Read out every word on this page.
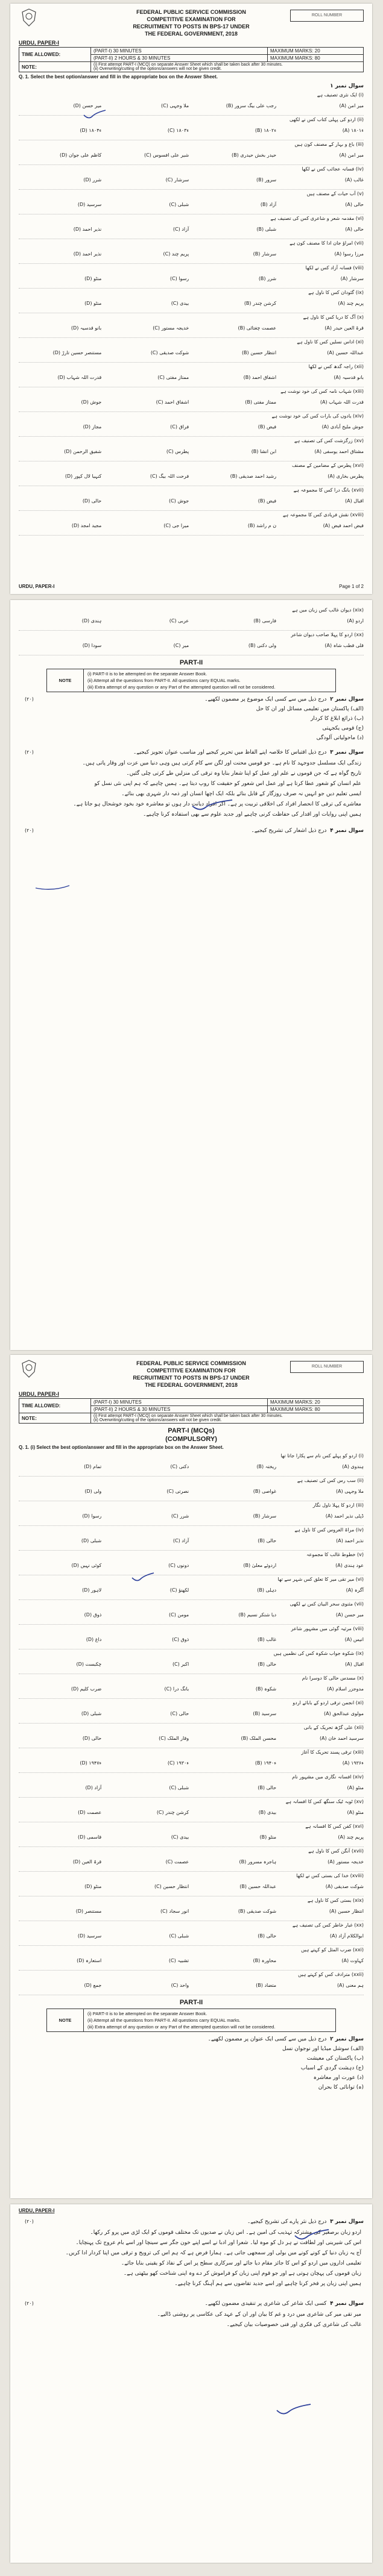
ROLL NUMBER
FEDERAL PUBLIC SERVICE COMMISSION
COMPETITIVE EXAMINATION FOR
RECRUITMENT TO POSTS IN BPS-17 UNDER
THE FEDERAL GOVERNMENT, 2018
URDU, PAPER-I
TIME ALLOWED:	(PART-I) 30 MINUTES	MAXIMUM MARKS: 20
	(PART-II) 2 HOURS & 30 MINUTES	MAXIMUM MARKS: 80
NOTE:	(i) First attempt PART-I (MCQ) on separate Answer Sheet which shall be taken back after 30 minutes.
(ii) Overwriting/cutting of the options/answers will not be given credit.	
Q. 1. Select the best option/answer and fill in the appropriate box on the Answer Sheet.
سوال نمبر ۱
(i) ایک نثری تصنیف ہے
(A) میر امن
(B) رجب علی بیگ سرور
(C) ملا وجہی
(D) میر حسن
(ii) اردو کی پہلی کتاب کس نے لکھی
(A) ۱۸۰۱ء
(B) ۱۸۰۲ء
(C) ۱۸۰۳ء
(D) ۱۸۰۴ء
(iii) باغ و بہار کے مصنف کون ہیں
(A) میر امن
(B) حیدر بخش حیدری
(C) شیر علی افسوس
(D) کاظم علی جوان
(iv) فسانہ عجائب کس نے لکھا
(A) غالب
(B) سرور
(C) سرشار
(D) شرر
(v) آب حیات کے مصنف ہیں
(A) حالی
(B) آزاد
(C) شبلی
(D) سرسید
(vi) مقدمہ شعر و شاعری کس کی تصنیف ہے
(A) حالی
(B) شبلی
(C) آزاد
(D) نذیر احمد
(vii) امراؤ جان ادا کا مصنف کون ہے
(A) مرزا رسوا
(B) سرشار
(C) پریم چند
(D) نذیر احمد
(viii) فسانہ آزاد کس نے لکھا
(A) سرشار
(B) شرر
(C) رسوا
(D) منٹو
(ix) گئودان کس کا ناول ہے
(A) پریم چند
(B) کرشن چندر
(C) بیدی
(D) منٹو
(x) آگ کا دریا کس کا ناول ہے
(A) قرۃ العین حیدر
(B) عصمت چغتائی
(C) خدیجہ مستور
(D) بانو قدسیہ
(xi) اداس نسلیں کس کا ناول ہے
(A) عبداللہ حسین
(B) انتظار حسین
(C) شوکت صدیقی
(D) مستنصر حسین تارڑ
(xii) راجہ گدھ کس نے لکھا
(A) بانو قدسیہ
(B) اشفاق احمد
(C) ممتاز مفتی
(D) قدرت اللہ شہاب
(xiii) شہاب نامہ کس کی خود نوشت ہے
(A) قدرت اللہ شہاب
(B) ممتاز مفتی
(C) اشفاق احمد
(D) جوش
(xiv) یادوں کی بارات کس کی خود نوشت ہے
(A) جوش ملیح آبادی
(B) فیض
(C) فراق
(D) مجاز
(xv) زرگزشت کس کی تصنیف ہے
(A) مشتاق احمد یوسفی
(B) ابن انشا
(C) پطرس
(D) شفیق الرحمن
(xvi) پطرس کے مضامین کے مصنف
(A) پطرس بخاری
(B) رشید احمد صدیقی
(C) فرحت اللہ بیگ
(D) کنہیا لال کپور
(xvii) بانگ درا کس کا مجموعہ ہے
(A) اقبال
(B) فیض
(C) جوش
(D) حالی
(xviii) نقش فریادی کس کا مجموعہ ہے
(A) فیض احمد فیض
(B) ن م راشد
(C) میرا جی
(D) مجید امجد
URDU, PAPER-I	Page 1 of 2
(xix) دیوان غالب کس زبان میں ہے
(A) اردو
(B) فارسی
(C) عربی
(D) ہندی
(xx) اردو کا پہلا صاحب دیوان شاعر
(A) قلی قطب شاہ
(B) ولی دکنی
(C) میر
(D) سودا
PART-II
NOTE
(i) PART-II is to be attempted on the separate Answer Book.
(ii) Attempt all the questions from PART-II. All questions carry EQUAL marks.
(iii) Extra attempt of any question or any Part of the attempted question will not be considered.
سوال نمبر ۲  درج ذیل میں سے کسی ایک موضوع پر مضمون لکھیے۔
(۲۰)
(الف) پاکستان میں تعلیمی مسائل اور ان کا حل
(ب) ذرائع ابلاغ کا کردار
(ج) قومی یکجہتی
(د) ماحولیاتی آلودگی
سوال نمبر ۳  درج ذیل اقتباس کا خلاصہ اپنے الفاظ میں تحریر کیجیے اور مناسب عنوان تجویز کیجیے۔
(۲۰)
زندگی ایک مسلسل جدوجہد کا نام ہے۔ جو قومیں محنت اور لگن سے کام کرتی ہیں وہی دنیا میں عزت اور وقار پاتی ہیں۔
تاریخ گواہ ہے کہ جن قوموں نے علم اور عمل کو اپنا شعار بنایا وہ ترقی کی منزلیں طے کرتی چلی گئیں۔
علم انسان کو شعور عطا کرتا ہے اور عمل اس شعور کو حقیقت کا روپ دیتا ہے۔ ہمیں چاہیے کہ ہم اپنی نئی نسل کو
ایسی تعلیم دیں جو انہیں نہ صرف روزگار کے قابل بنائے بلکہ ایک اچھا انسان اور ذمہ دار شہری بھی بنائے۔
معاشرے کی ترقی کا انحصار افراد کی اخلاقی تربیت پر ہے۔ اگر افراد دیانت دار ہوں تو معاشرہ خود بخود خوشحال ہو جاتا ہے۔
ہمیں اپنی روایات اور اقدار کی حفاظت کرنی چاہیے اور جدید علوم سے بھی استفادہ کرنا چاہیے۔
سوال نمبر ۴  درج ذیل اشعار کی تشریح کیجیے۔
(۲۰)
ROLL NUMBER
FEDERAL PUBLIC SERVICE COMMISSION
COMPETITIVE EXAMINATION FOR
RECRUITMENT TO POSTS IN BPS-17 UNDER
THE FEDERAL GOVERNMENT, 2018
URDU, PAPER-I
TIME ALLOWED:	(PART-I) 30 MINUTES	MAXIMUM MARKS: 20
	(PART-II) 2 HOURS & 30 MINUTES	MAXIMUM MARKS: 80
NOTE:	(i) First attempt PART-I (MCQ) on separate Answer Sheet which shall be taken back after 30 minutes.
(ii) Overwriting/cutting of the options/answers will not be given credit.	
PART-I (MCQs)
(COMPULSORY)
Q. 1. (i) Select the best option/answer and fill in the appropriate box on the Answer Sheet.
(i) اردو کو پہلے کس نام سے پکارا جاتا تھا
(A) ہندوی
(B) ریختہ
(C) دکنی
(D) تمام
(ii) سب رس کس کی تصنیف ہے
(A) ملا وجہی
(B) غواصی
(C) نصرتی
(D) ولی
(iii) اردو کا پہلا ناول نگار
(A) ڈپٹی نذیر احمد
(B) سرشار
(C) شرر
(D) رسوا
(iv) مراۃ العروس کس کا ناول ہے
(A) نذیر احمد
(B) حالی
(C) آزاد
(D) شبلی
(v) خطوط غالب کا مجموعہ
(A) عود ہندی
(B) اردوئے معلیٰ
(C) دونوں
(D) کوئی نہیں
(vi) میر تقی میر کا تعلق کس شہر سے تھا
(A) آگرہ
(B) دہلی
(C) لکھنؤ
(D) لاہور
(vii) مثنوی سحر البیان کس نے لکھی
(A) میر حسن
(B) دیا شنکر نسیم
(C) مومن
(D) ذوق
(viii) مرثیہ گوئی میں مشہور شاعر
(A) انیس
(B) غالب
(C) ذوق
(D) داغ
(ix) شکوہ جواب شکوہ کس کی نظمیں ہیں
(A) اقبال
(B) حالی
(C) اکبر
(D) چکبست
(x) مسدس حالی کا دوسرا نام
(A) مدوجزر اسلام
(B) شکوہ
(C) بانگ درا
(D) ضرب کلیم
(xi) انجمن ترقی اردو کے بابائے اردو
(A) مولوی عبدالحق
(B) سرسید
(C) حالی
(D) شبلی
(xii) علی گڑھ تحریک کے بانی
(A) سرسید احمد خان
(B) محسن الملک
(C) وقار الملک
(D) حالی
(xiii) ترقی پسند تحریک کا آغاز
(A) ۱۹۳۶ء
(B) ۱۹۴۰ء
(C) ۱۹۳۰ء
(D) ۱۹۴۷ء
(xiv) افسانہ نگاری میں مشہور نام
(A) منٹو
(B) حالی
(C) شبلی
(D) آزاد
(xv) ٹوبہ ٹیک سنگھ کس کا افسانہ ہے
(A) منٹو
(B) بیدی
(C) کرشن چندر
(D) عصمت
(xvi) کفن کس کا افسانہ ہے
(A) پریم چند
(B) منٹو
(C) بیدی
(D) قاسمی
(xvii) آنگن کس کا ناول ہے
(A) خدیجہ مستور
(B) ہاجرہ مسرور
(C) عصمت
(D) قرۃ العین
(xviii) خدا کی بستی کس نے لکھا
(A) شوکت صدیقی
(B) عبداللہ حسین
(C) انتظار حسین
(D) منٹو
(xix) بستی کس کا ناول ہے
(A) انتظار حسین
(B) شوکت صدیقی
(C) انور سجاد
(D) مستنصر
(xx) غبار خاطر کس کی تصنیف ہے
(A) ابوالکلام آزاد
(B) حالی
(C) شبلی
(D) سرسید
(xxi) ضرب المثل کو کہتے ہیں
(A) کہاوت
(B) محاورہ
(C) تشبیہ
(D) استعارہ
(xxii) مترادف کس کو کہتے ہیں
(A) ہم معنی
(B) متضاد
(C) واحد
(D) جمع
PART-II
NOTE
(i) PART-II is to be attempted on the separate Answer Book.
(ii) Attempt all the questions from PART-II. All questions carry EQUAL marks.
(iii) Extra attempt of any question or any Part of the attempted question will not be considered.
سوال نمبر ۲  درج ذیل میں سے کسی ایک عنوان پر مضمون لکھیے۔
(الف) سوشل میڈیا اور نوجوان نسل
(ب) پاکستان کی معیشت
(ج) دہشت گردی کے اسباب
(د) عورت اور معاشرہ
(ہ) توانائی کا بحران
URDU, PAPER-I
سوال نمبر ۳  درج ذیل نثر پارے کی تشریح کیجیے۔
(۲۰)
اردو زبان برصغیر کی مشترکہ تہذیب کی امین ہے۔ اس زبان نے صدیوں تک مختلف قوموں کو ایک لڑی میں پرو کر رکھا۔
اس کی شیرینی اور لطافت نے ہر دل کو موہ لیا۔ شعرا اور ادبا نے اسے اپنے خون جگر سے سینچا اور اسے بام عروج تک پہنچایا۔
آج یہ زبان دنیا کے کونے کونے میں بولی اور سمجھی جاتی ہے۔ ہمارا فرض ہے کہ ہم اس کی ترویج و ترقی میں اپنا کردار ادا کریں۔
تعلیمی اداروں میں اردو کو اس کا جائز مقام دیا جائے اور سرکاری سطح پر اس کے نفاذ کو یقینی بنایا جائے۔
زبان قوموں کی پہچان ہوتی ہے اور جو قوم اپنی زبان کو فراموش کر دے وہ اپنی شناخت کھو بیٹھتی ہے۔
ہمیں اپنی زبان پر فخر کرنا چاہیے اور اسے جدید تقاضوں سے ہم آہنگ کرنا چاہیے۔
سوال نمبر ۴  کسی ایک شاعر کی شاعری پر تنقیدی مضمون لکھیے۔
(۲۰)
میر تقی میر کی شاعری میں درد و غم کا بیان اور ان کے عہد کی عکاسی پر روشنی ڈالیے۔
غالب کی شاعری کی فکری اور فنی خصوصیات بیان کیجیے۔
